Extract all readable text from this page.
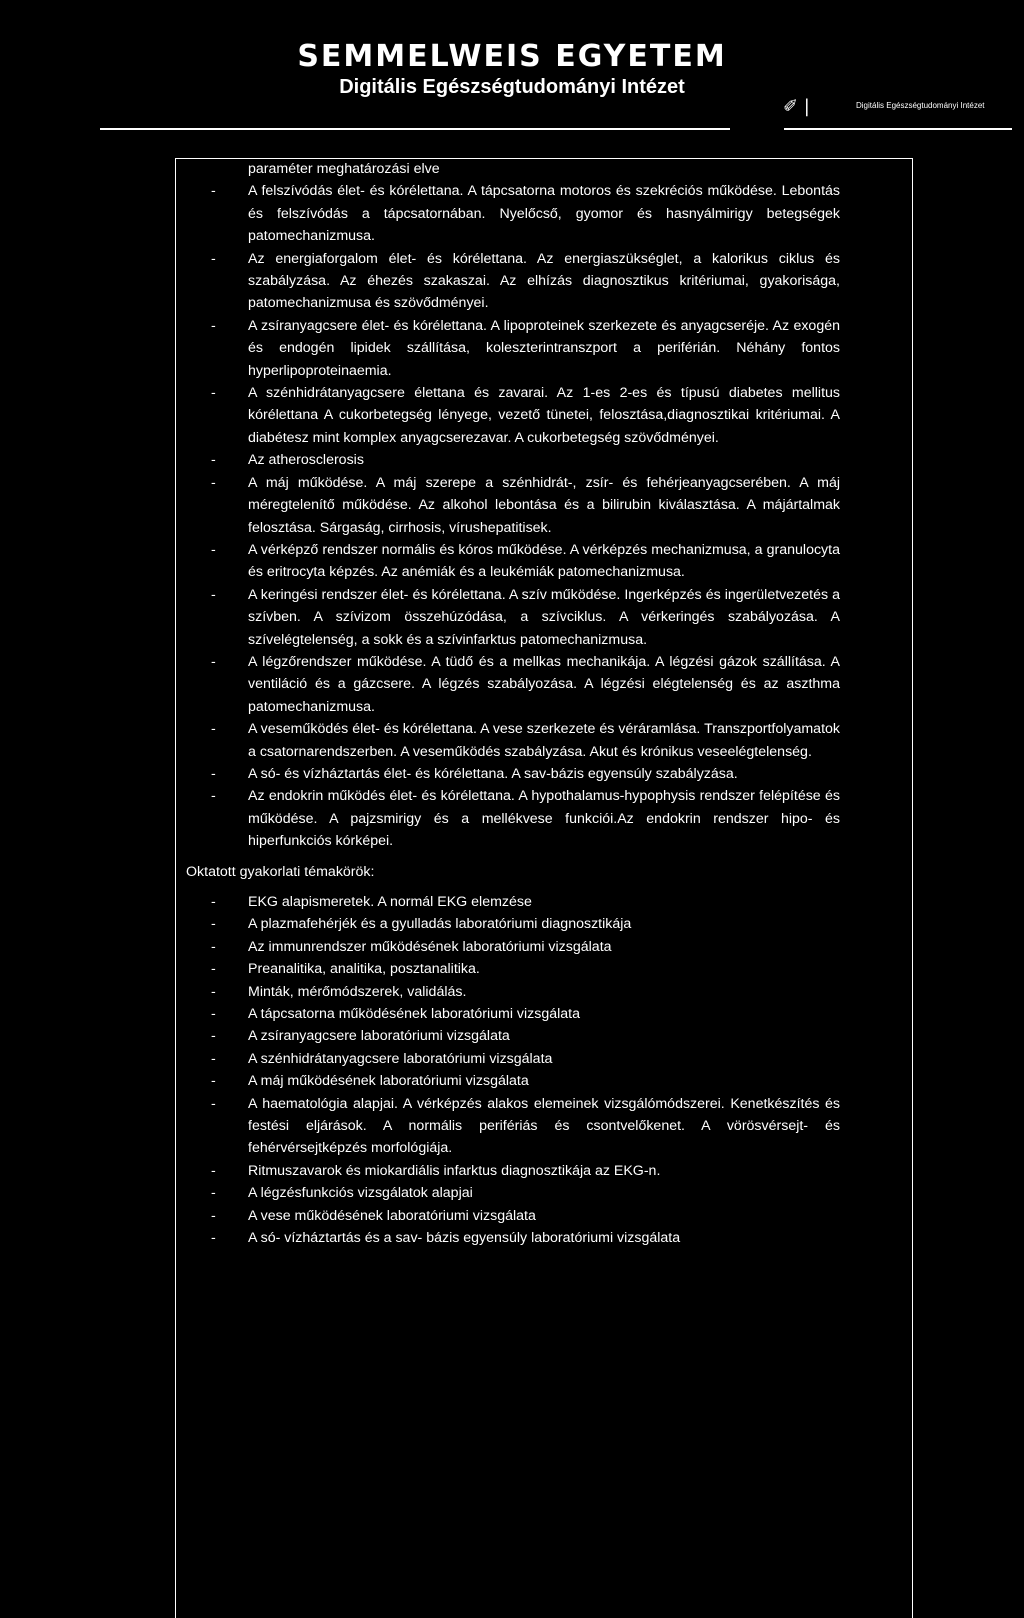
SEMMELWEIS EGYETEM
Digitális Egészségtudományi Intézet
✐ |	Digitális Egészségtudományi Intézet
paraméter meghatározási elve
- A felszívódás élet- és kórélettana. A tápcsatorna motoros és szekréciós működése. Lebontás és felszívódás a tápcsatornában. Nyelőcső, gyomor és hasnyálmirigy betegségek patomechanizmusa.
- Az energiaforgalom élet- és kórélettana. Az energiaszükséglet, a kalorikus ciklus és szabályzása. Az éhezés szakaszai. Az elhízás diagnosztikus kritériumai, gyakorisága, patomechanizmusa és szövődményei.
- A zsíranyagcsere élet- és kórélettana. A lipoproteinek szerkezete és anyagcseréje. Az exogén és endogén lipidek szállítása, koleszterintranszport a periférián. Néhány fontos hyperlipoproteinaemia.
- A szénhidrátanyagcsere élettana és zavarai. Az 1-es 2-es és típusú diabetes mellitus kórélettana A cukorbetegség lényege, vezető tünetei, felosztása,diagnosztikai kritériumai. A diabétesz mint komplex anyagcserezavar. A cukorbetegség szövődményei.
- Az atherosclerosis
- A máj működése. A máj szerepe a szénhidrát-, zsír- és fehérjeanyagcserében. A máj méregtelenítő működése. Az alkohol lebontása és a bilirubin kiválasztása. A májártalmak felosztása. Sárgaság, cirrhosis, vírushepatitisek.
- A vérképző rendszer normális és kóros működése. A vérképzés mechanizmusa, a granulocyta és eritrocyta képzés. Az anémiák és a leukémiák patomechanizmusa.
- A keringési rendszer élet- és kórélettana. A szív működése. Ingerképzés és ingerületvezetés a szívben. A szívizom összehúzódása, a szívciklus. A vérkeringés szabályozása. A szívelégtelenség, a sokk és a szívinfarktus patomechanizmusa.
- A légzőrendszer működése. A tüdő és a mellkas mechanikája. A légzési gázok szállítása. A ventiláció és a gázcsere. A légzés szabályozása. A légzési elégtelenség és az aszthma patomechanizmusa.
- A veseműködés élet- és kórélettana. A vese szerkezete és véráramlása. Transzportfolyamatok a csatornarendszerben. A veseműködés szabályzása. Akut és krónikus veseelégtelenség.
- A só- és vízháztartás élet- és kórélettana. A sav-bázis egyensúly szabályzása.
- Az endokrin működés élet- és kórélettana. A hypothalamus-hypophysis rendszer felépítése és működése. A pajzsmirigy és a mellékvese funkciói.Az endokrin rendszer hipo- és hiperfunkciós kórképei.
Oktatott gyakorlati témakörök:
- EKG alapismeretek. A normál EKG elemzése
- A plazmafehérjék és a gyulladás laboratóriumi diagnosztikája
- Az immunrendszer működésének laboratóriumi vizsgálata
- Preanalitika, analitika, posztanalitika.
- Minták, mérőmódszerek, validálás.
- A tápcsatorna működésének laboratóriumi vizsgálata
- A zsíranyagcsere laboratóriumi vizsgálata
- A szénhidrátanyagcsere laboratóriumi vizsgálata
- A máj működésének laboratóriumi vizsgálata
- A haematológia alapjai. A vérképzés alakos elemeinek vizsgálómódszerei. Kenetkészítés és festési eljárások. A normális perifériás és csontvelőkenet. A vörösvérsejt- és fehérvérsejtképzés morfológiája.
- Ritmuszavarok és miokardiális infarktus diagnosztikája az EKG-n.
- A légzésfunkciós vizsgálatok alapjai
- A vese működésének laboratóriumi vizsgálata
- A só- vízháztartás és a sav- bázis egyensúly laboratóriumi vizsgálata
